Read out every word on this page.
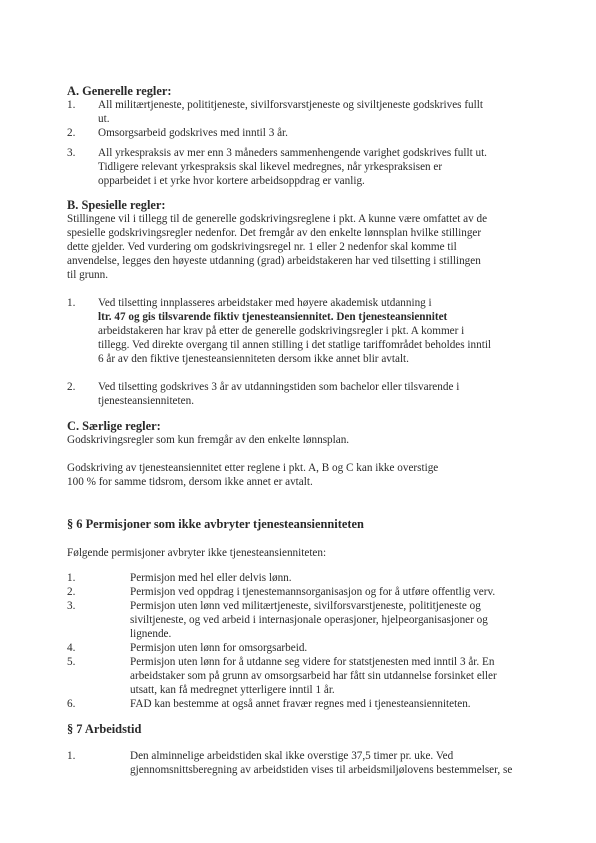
A. Generelle regler:
1. All militærtjeneste, polititjeneste, sivilforsvarstjeneste og siviltjeneste godskrives fullt
ut.
2. Omsorgsarbeid godskrives med inntil 3 år.
3. All yrkespraksis av mer enn 3 måneders sammenhengende varighet godskrives fullt ut.
Tidligere relevant yrkespraksis skal likevel medregnes, når yrkespraksisen er
opparbeidet i et yrke hvor kortere arbeidsoppdrag er vanlig.
B. Spesielle regler:
Stillingene vil i tillegg til de generelle godskrivingsreglene i pkt. A kunne være omfattet av de
spesielle godskrivingsregler nedenfor. Det fremgår av den enkelte lønnsplan hvilke stillinger
dette gjelder. Ved vurdering om godskrivingsregel nr. 1 eller 2 nedenfor skal komme til
anvendelse, legges den høyeste utdanning (grad) arbeidstakeren har ved tilsetting i stillingen
til grunn.
1. Ved tilsetting innplasseres arbeidstaker med høyere akademisk utdanning i
ltr. 47 og gis tilsvarende fiktiv tjenesteansiennitet. Den tjenesteansiennitet
arbeidstakeren har krav på etter de generelle godskrivingsregler i pkt. A kommer i
tillegg. Ved direkte overgang til annen stilling i det statlige tariffområdet beholdes inntil
6 år av den fiktive tjenesteansienniteten dersom ikke annet blir avtalt.
2. Ved tilsetting godskrives 3 år av utdanningstiden som bachelor eller tilsvarende i
tjenesteansienniteten.
C. Særlige regler:
Godskrivingsregler som kun fremgår av den enkelte lønnsplan.
Godskriving av tjenesteansiennitet etter reglene i pkt. A, B og C kan ikke overstige
100 % for samme tidsrom, dersom ikke annet er avtalt.
§ 6 Permisjoner som ikke avbryter tjenesteansienniteten
Følgende permisjoner avbryter ikke tjenesteansienniteten:
1.	Permisjon med hel eller delvis lønn.
2.	Permisjon ved oppdrag i tjenestemannsorganisasjon og for å utføre offentlig verv.
3.	Permisjon uten lønn ved militærtjeneste, sivilforsvarstjeneste, polititjeneste og
siviltjeneste, og ved arbeid i internasjonale operasjoner, hjelpeorganisasjoner og
lignende.
4.	Permisjon uten lønn for omsorgsarbeid.
5.	Permisjon uten lønn for å utdanne seg videre for statstjenesten med inntil 3 år. En
arbeidstaker som på grunn av omsorgsarbeid har fått sin utdannelse forsinket eller
utsatt, kan få medregnet ytterligere inntil 1 år.
6.	FAD kan bestemme at også annet fravær regnes med i tjenesteansienniteten.
§ 7 Arbeidstid
1.	Den alminnelige arbeidstiden skal ikke overstige 37,5 timer pr. uke. Ved
gjennomsnittsberegning av arbeidstiden vises til arbeidsmiljølovens bestemmelser, se
